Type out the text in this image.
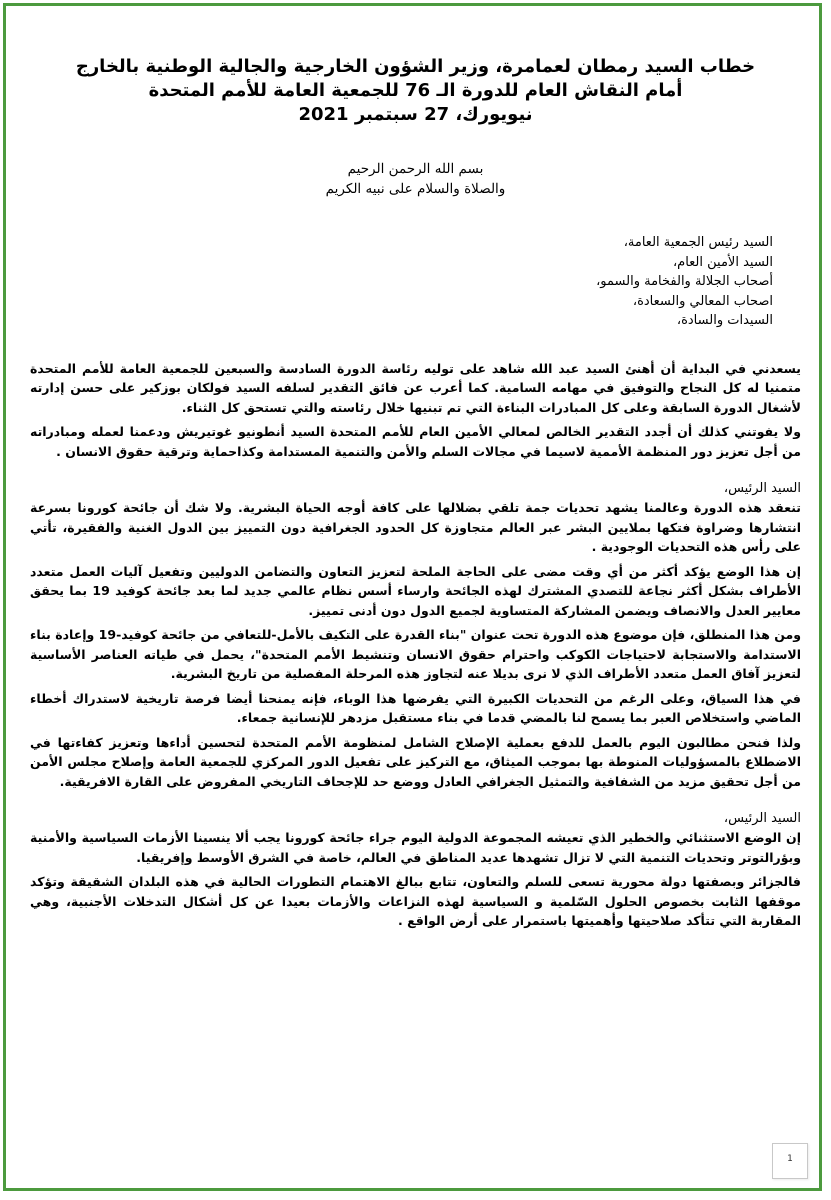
خطاب السيد رمطان لعمامرة، وزير الشؤون الخارجية والجالية الوطنية بالخارج

أمام النقاش العام للدورة الـ 76 للجمعية العامة للأمم المتحدة

نيويورك، 27 سبتمبر 2021

بسم الله الرحمن الرحيم
والصلاة والسلام على نبيه الكريم
السيد رئيس الجمعية العامة،
السيد الأمين العام،
أصحاب الجلالة والفخامة والسمو،
اصحاب المعالي والسعادة،
السيدات والسادة،

يسعدني في البداية أن أهنئ السيد عبد الله شاهد على توليه رئاسة الدورة السادسة والسبعين للجمعية العامة للأمم المتحدة متمنيا له كل النجاح والتوفيق في مهامه السامية. كما أعرب عن فائق التقدير لسلفه السيد فولكان بوزكير على حسن إدارته لأشغال الدورة السابقة وعلى كل المبادرات البناءة التي تم تبنيها خلال رئاسته والتي تستحق كل الثناء.

ولا يفوتني كذلك أن أجدد التقدير الخالص لمعالي الأمين العام للأمم المتحدة السيد أنطونيو غوتيريش ودعمنا لعمله ومبادراته من أجل تعزيز دور المنظمة الأممية لاسيما في مجالات السلم والأمن والتنمية المستدامة وكذاحماية وترقية حقوق الانسان .

السيد الرئيس،

تنعقد هذه الدورة وعالمنا يشهد تحديات جمة تلقي بضلالها على كافة أوجه الحياة البشرية. ولا شك أن جائحة كورونا بسرعة انتشارها وضراوة فتكها بملايين البشر عبر العالم متجاوزة كل الحدود الجغرافية دون التمييز بين الدول الغنية والفقيرة، تأتي على رأس هذه التحديات الوجودية .

إن هذا الوضع يؤكد أكثر من أي وقت مضى على الحاجة الملحة لتعزيز التعاون والتضامن الدوليين وتفعيل آليات العمل متعدد الأطراف بشكل أكثر نجاعة للتصدي المشترك لهذه الجائحة وارساء أسس نظام عالمي جديد لما بعد جائحة كوفيد 19 بما يحقق معايير العدل والانصاف ويضمن المشاركة المتساوية لجميع الدول دون أدنى تمييز.

ومن هذا المنطلق، فإن موضوع هذه الدورة تحت عنوان "بناء القدرة على التكيف بالأمل-للتعافي من جائحة كوفيد-19 وإعادة بناء الاستدامة والاستجابة لاحتياجات الكوكب واحترام حقوق الانسان وتنشيط الأمم المتحدة"، يحمل في طياته العناصر الأساسية لتعزيز آفاق العمل متعدد الأطراف الذي لا نرى بديلا عنه لتجاوز هذه المرحلة المفصلية من تاريخ البشرية.

في هذا السياق، وعلى الرغم من التحديات الكبيرة التي يفرضها هذا الوباء، فإنه يمنحنا أيضا فرصة تاريخية لاستدراك أخطاء الماضي واستخلاص العبر بما يسمح لنا بالمضي قدما في بناء مستقبل مزدهر للإنسانية جمعاء.

ولذا فنحن مطالبون اليوم بالعمل للدفع بعملية الإصلاح الشامل لمنظومة الأمم المتحدة لتحسين أداءها وتعزيز كفاءتها في الاضطلاع بالمسؤوليات المنوطة بها بموجب الميثاق، مع التركيز على تفعيل الدور المركزي للجمعية العامة وإصلاح مجلس الأمن من أجل تحقيق مزيد من الشفافية والتمثيل الجغرافي العادل ووضع حد للإجحاف التاريخي المفروض على القارة الافريقية.

السيد الرئيس،

إن الوضع الاستثنائي والخطير الذي تعيشه المجموعة الدولية اليوم جراء جائحة كورونا يجب ألا ينسينا الأزمات السياسية والأمنية وبؤرالتوتر وتحديات التنمية التي لا تزال تشهدها عديد المناطق في العالم، خاصة في الشرق الأوسط وإفريقيا.

فالجزائر وبصفتها دولة محورية تسعى للسلم والتعاون، تتابع ببالغ الاهتمام التطورات الحالية في هذه البلدان الشقيقة وتؤكد موقفها الثابت بخصوص الحلول السّلمية و السياسية لهذه النزاعات والأزمات بعيدا عن كل أشكال التدخلات الأجنبية، وهي المقاربة التي تتأكد صلاحيتها وأهميتها باستمرار على أرض الواقع .

1
